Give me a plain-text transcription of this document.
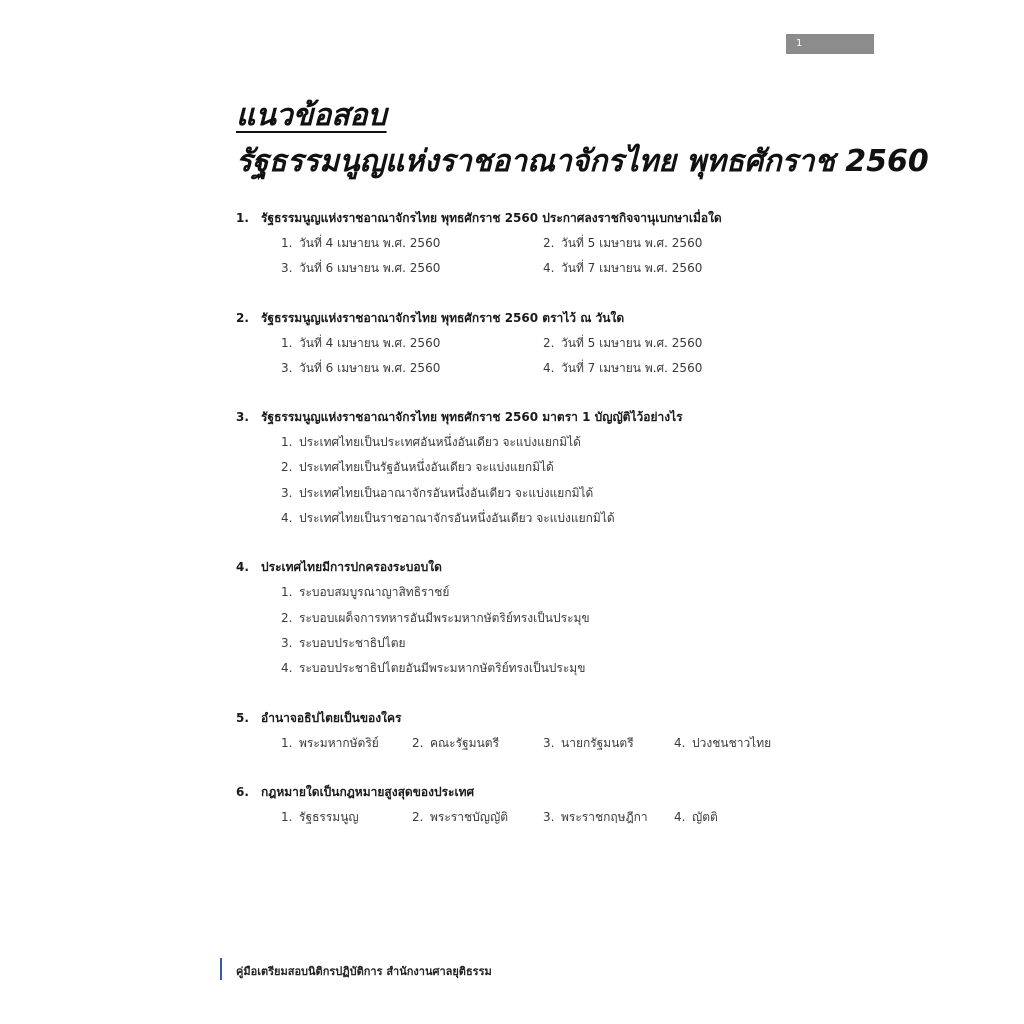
1
แนวข้อสอบ
รัฐธรรมนูญแห่งราชอาณาจักรไทย พุทธศักราช 2560
1. รัฐธรรมนูญแห่งราชอาณาจักรไทย พุทธศักราช 2560 ประกาศลงราชกิจจานุเบกษาเมื่อใด
1. วันที่ 4 เมษายน พ.ศ. 2560	2. วันที่ 5 เมษายน พ.ศ. 2560
3. วันที่ 6 เมษายน พ.ศ. 2560	4. วันที่ 7 เมษายน พ.ศ. 2560
2. รัฐธรรมนูญแห่งราชอาณาจักรไทย พุทธศักราช 2560 ตราไว้ ณ วันใด
1. วันที่ 4 เมษายน พ.ศ. 2560	2. วันที่ 5 เมษายน พ.ศ. 2560
3. วันที่ 6 เมษายน พ.ศ. 2560	4. วันที่ 7 เมษายน พ.ศ. 2560
3. รัฐธรรมนูญแห่งราชอาณาจักรไทย พุทธศักราช 2560 มาตรา 1 บัญญัติไว้อย่างไร
1. ประเทศไทยเป็นประเทศอันหนึ่งอันเดียว จะแบ่งแยกมิได้
2. ประเทศไทยเป็นรัฐอันหนึ่งอันเดียว จะแบ่งแยกมิได้
3. ประเทศไทยเป็นอาณาจักรอันหนึ่งอันเดียว จะแบ่งแยกมิได้
4. ประเทศไทยเป็นราชอาณาจักรอันหนึ่งอันเดียว จะแบ่งแยกมิได้
4. ประเทศไทยมีการปกครองระบอบใด
1. ระบอบสมบูรณาญาสิทธิราชย์
2. ระบอบเผด็จการทหารอันมีพระมหากษัตริย์ทรงเป็นประมุข
3. ระบอบประชาธิปไตย
4. ระบอบประชาธิปไตยอันมีพระมหากษัตริย์ทรงเป็นประมุข
5. อำนาจอธิปไตยเป็นของใคร
1. พระมหากษัตริย์	2. คณะรัฐมนตรี	3. นายกรัฐมนตรี	4. ปวงชนชาวไทย
6. กฎหมายใดเป็นกฎหมายสูงสุดของประเทศ
1. รัฐธรรมนูญ	2. พระราชบัญญัติ	3. พระราชกฤษฎีกา	4. ญัตติ
คู่มือเตรียมสอบนิติกรปฏิบัติการ สำนักงานศาลยุติธรรม
